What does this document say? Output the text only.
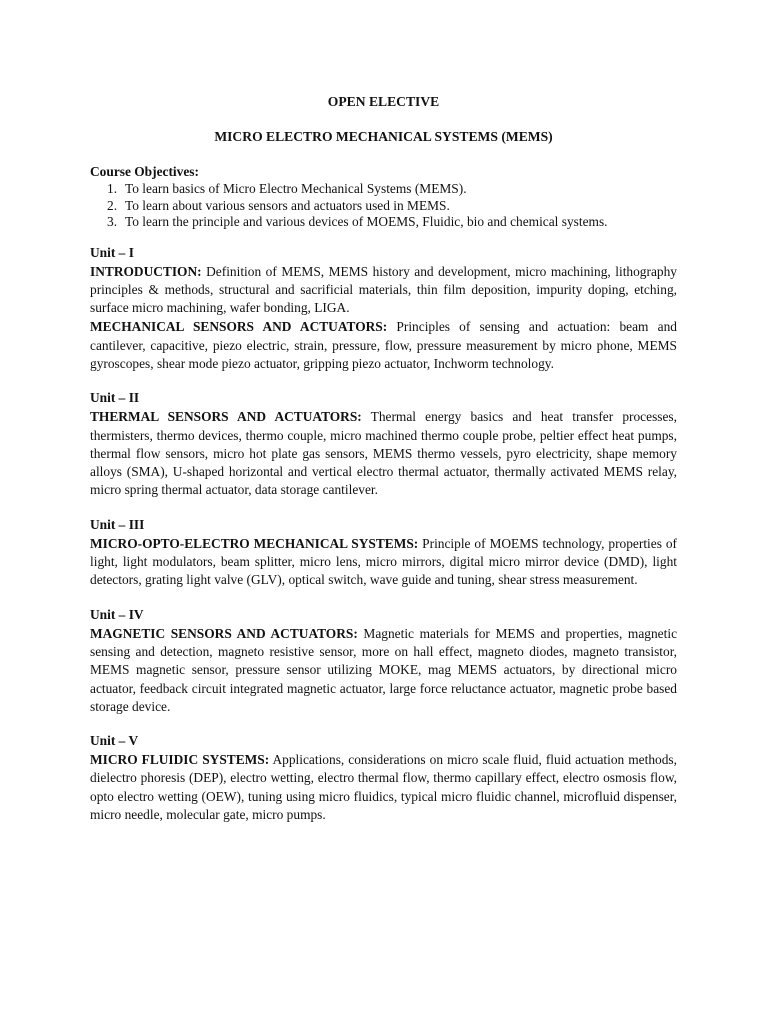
OPEN ELECTIVE

MICRO ELECTRO MECHANICAL SYSTEMS (MEMS)

Course Objectives:

1. To learn basics of Micro Electro Mechanical Systems (MEMS).
2. To learn about various sensors and actuators used in MEMS.
3. To learn the principle and various devices of MOEMS, Fluidic, bio and chemical systems.

Unit – I

INTRODUCTION: Definition of MEMS, MEMS history and development, micro machining, lithography principles & methods, structural and sacrificial materials, thin film deposition, impurity doping, etching, surface micro machining, wafer bonding, LIGA.

MECHANICAL SENSORS AND ACTUATORS: Principles of sensing and actuation: beam and cantilever, capacitive, piezo electric, strain, pressure, flow, pressure measurement by micro phone, MEMS gyroscopes, shear mode piezo actuator, gripping piezo actuator, Inchworm technology.

Unit – II

THERMAL SENSORS AND ACTUATORS: Thermal energy basics and heat transfer processes, thermisters, thermo devices, thermo couple, micro machined thermo couple probe, peltier effect heat pumps, thermal flow sensors, micro hot plate gas sensors, MEMS thermo vessels, pyro electricity, shape memory alloys (SMA), U-shaped horizontal and vertical electro thermal actuator, thermally activated MEMS relay, micro spring thermal actuator, data storage cantilever.

Unit – III

MICRO-OPTO-ELECTRO MECHANICAL SYSTEMS: Principle of MOEMS technology, properties of light, light modulators, beam splitter, micro lens, micro mirrors, digital micro mirror device (DMD), light detectors, grating light valve (GLV), optical switch, wave guide and tuning, shear stress measurement.

Unit – IV

MAGNETIC SENSORS AND ACTUATORS: Magnetic materials for MEMS and properties, magnetic sensing and detection, magneto resistive sensor, more on hall effect, magneto diodes, magneto transistor, MEMS magnetic sensor, pressure sensor utilizing MOKE, mag MEMS actuators, by directional micro actuator, feedback circuit integrated magnetic actuator, large force reluctance actuator, magnetic probe based storage device.

Unit – V

MICRO FLUIDIC SYSTEMS: Applications, considerations on micro scale fluid, fluid actuation methods, dielectro phoresis (DEP), electro wetting, electro thermal flow, thermo capillary effect, electro osmosis flow, opto electro wetting (OEW), tuning using micro fluidics, typical micro fluidic channel, microfluid dispenser, micro needle, molecular gate, micro pumps.
